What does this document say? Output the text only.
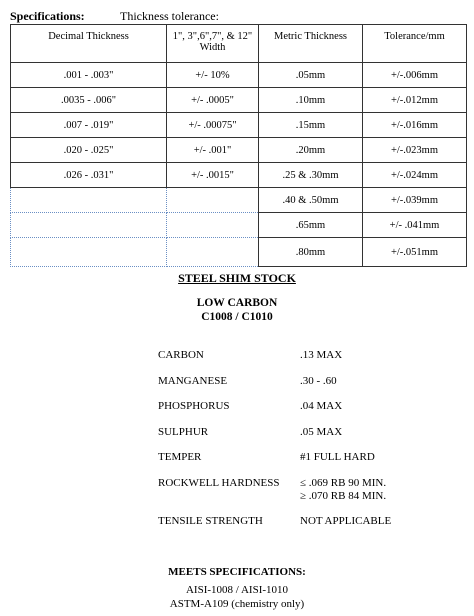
Specifications:	Thickness tolerance:
Decimal Thickness	1", 3",6",7", & 12" Width	Metric Thickness	Tolerance/mm
.001 - .003"	+/- 10%	.05mm	+/-.006mm
.0035 - .006"	+/- .0005"	.10mm	+/-.012mm
.007 - .019"	+/- .00075"	.15mm	+/-.016mm
.020 - .025"	+/- .001"	.20mm	+/-.023mm
.026 - .031"	+/- .0015"	.25 & .30mm	+/-.024mm
		.40 & .50mm	+/-.039mm
		.65mm	+/- .041mm
		.80mm	+/-.051mm
STEEL SHIM STOCK
LOW CARBON
C1008 / C1010
CARBON	.13 MAX
MANGANESE	.30 - .60
PHOSPHORUS	.04 MAX
SULPHUR	.05 MAX
TEMPER	#1 FULL HARD
ROCKWELL HARDNESS	≤ .069 RB 90 MIN.
≥ .070 RB 84 MIN.
TENSILE STRENGTH	NOT APPLICABLE
MEETS SPECIFICATIONS:
AISI-1008 / AISI-1010
ASTM-A109 (chemistry only)
